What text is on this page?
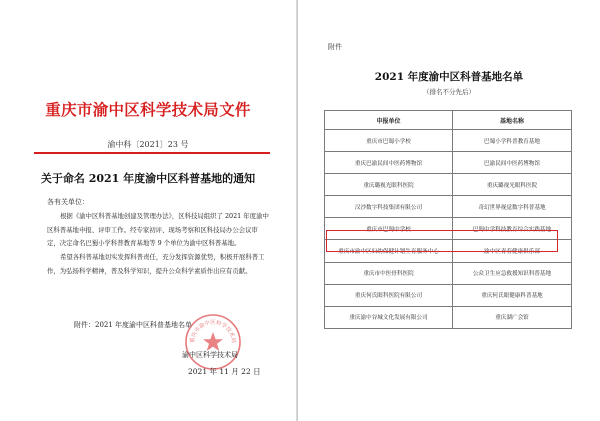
重庆市渝中区科学技术局文件
渝中科〔2021〕23 号
关于命名 2021 年度渝中区科普基地的通知
各有关单位：

根据《渝中区科普基地创建及管理办法》，区科技局组织了 2021 年度渝中区科普基地申报、评审工作。经专家初评、现场考察和区科技局办公会议审定，决定命名巴蜀小学科普教育基地等 9 个单位为渝中区科普基地。
希望各科普基地切实发挥科普责任，充分发挥资源优势，积极开展科普工作，为弘扬科学精神，普及科学知识，提升公众科学素质作出应有贡献。

附件：2021 年度渝中区科普基地名单
重庆市渝中区科学技术局
渝中区科学技术局
2021 年 11 月 22 日
附件
2021 年度渝中区科普基地名单
（排名不分先后）
申报单位	基地名称
重庆市巴蜀小学校	巴蜀小学科普教育基地
重庆巴渝民间中医药博物馆	巴渝民间中医药博物馆
重庆璐视光眼科医院	重庆璐视光眼科医院
汉沙数字科技集团有限公司	奇幻世界视觉数字科普基地
重庆市巴蜀中学校	巴蜀中学科技教育综合实践基地
重庆市渝中区妇幼保健计划生育服务中心	渝中区青春健康俱乐部
重庆市中医骨科医院	公众卫生应急救援知识科普基地
重庆何氏眼科医院有限公司	重庆何氏眼健康科普基地
重庆渝中谷城文化发展有限公司	重庆湖广会馆
